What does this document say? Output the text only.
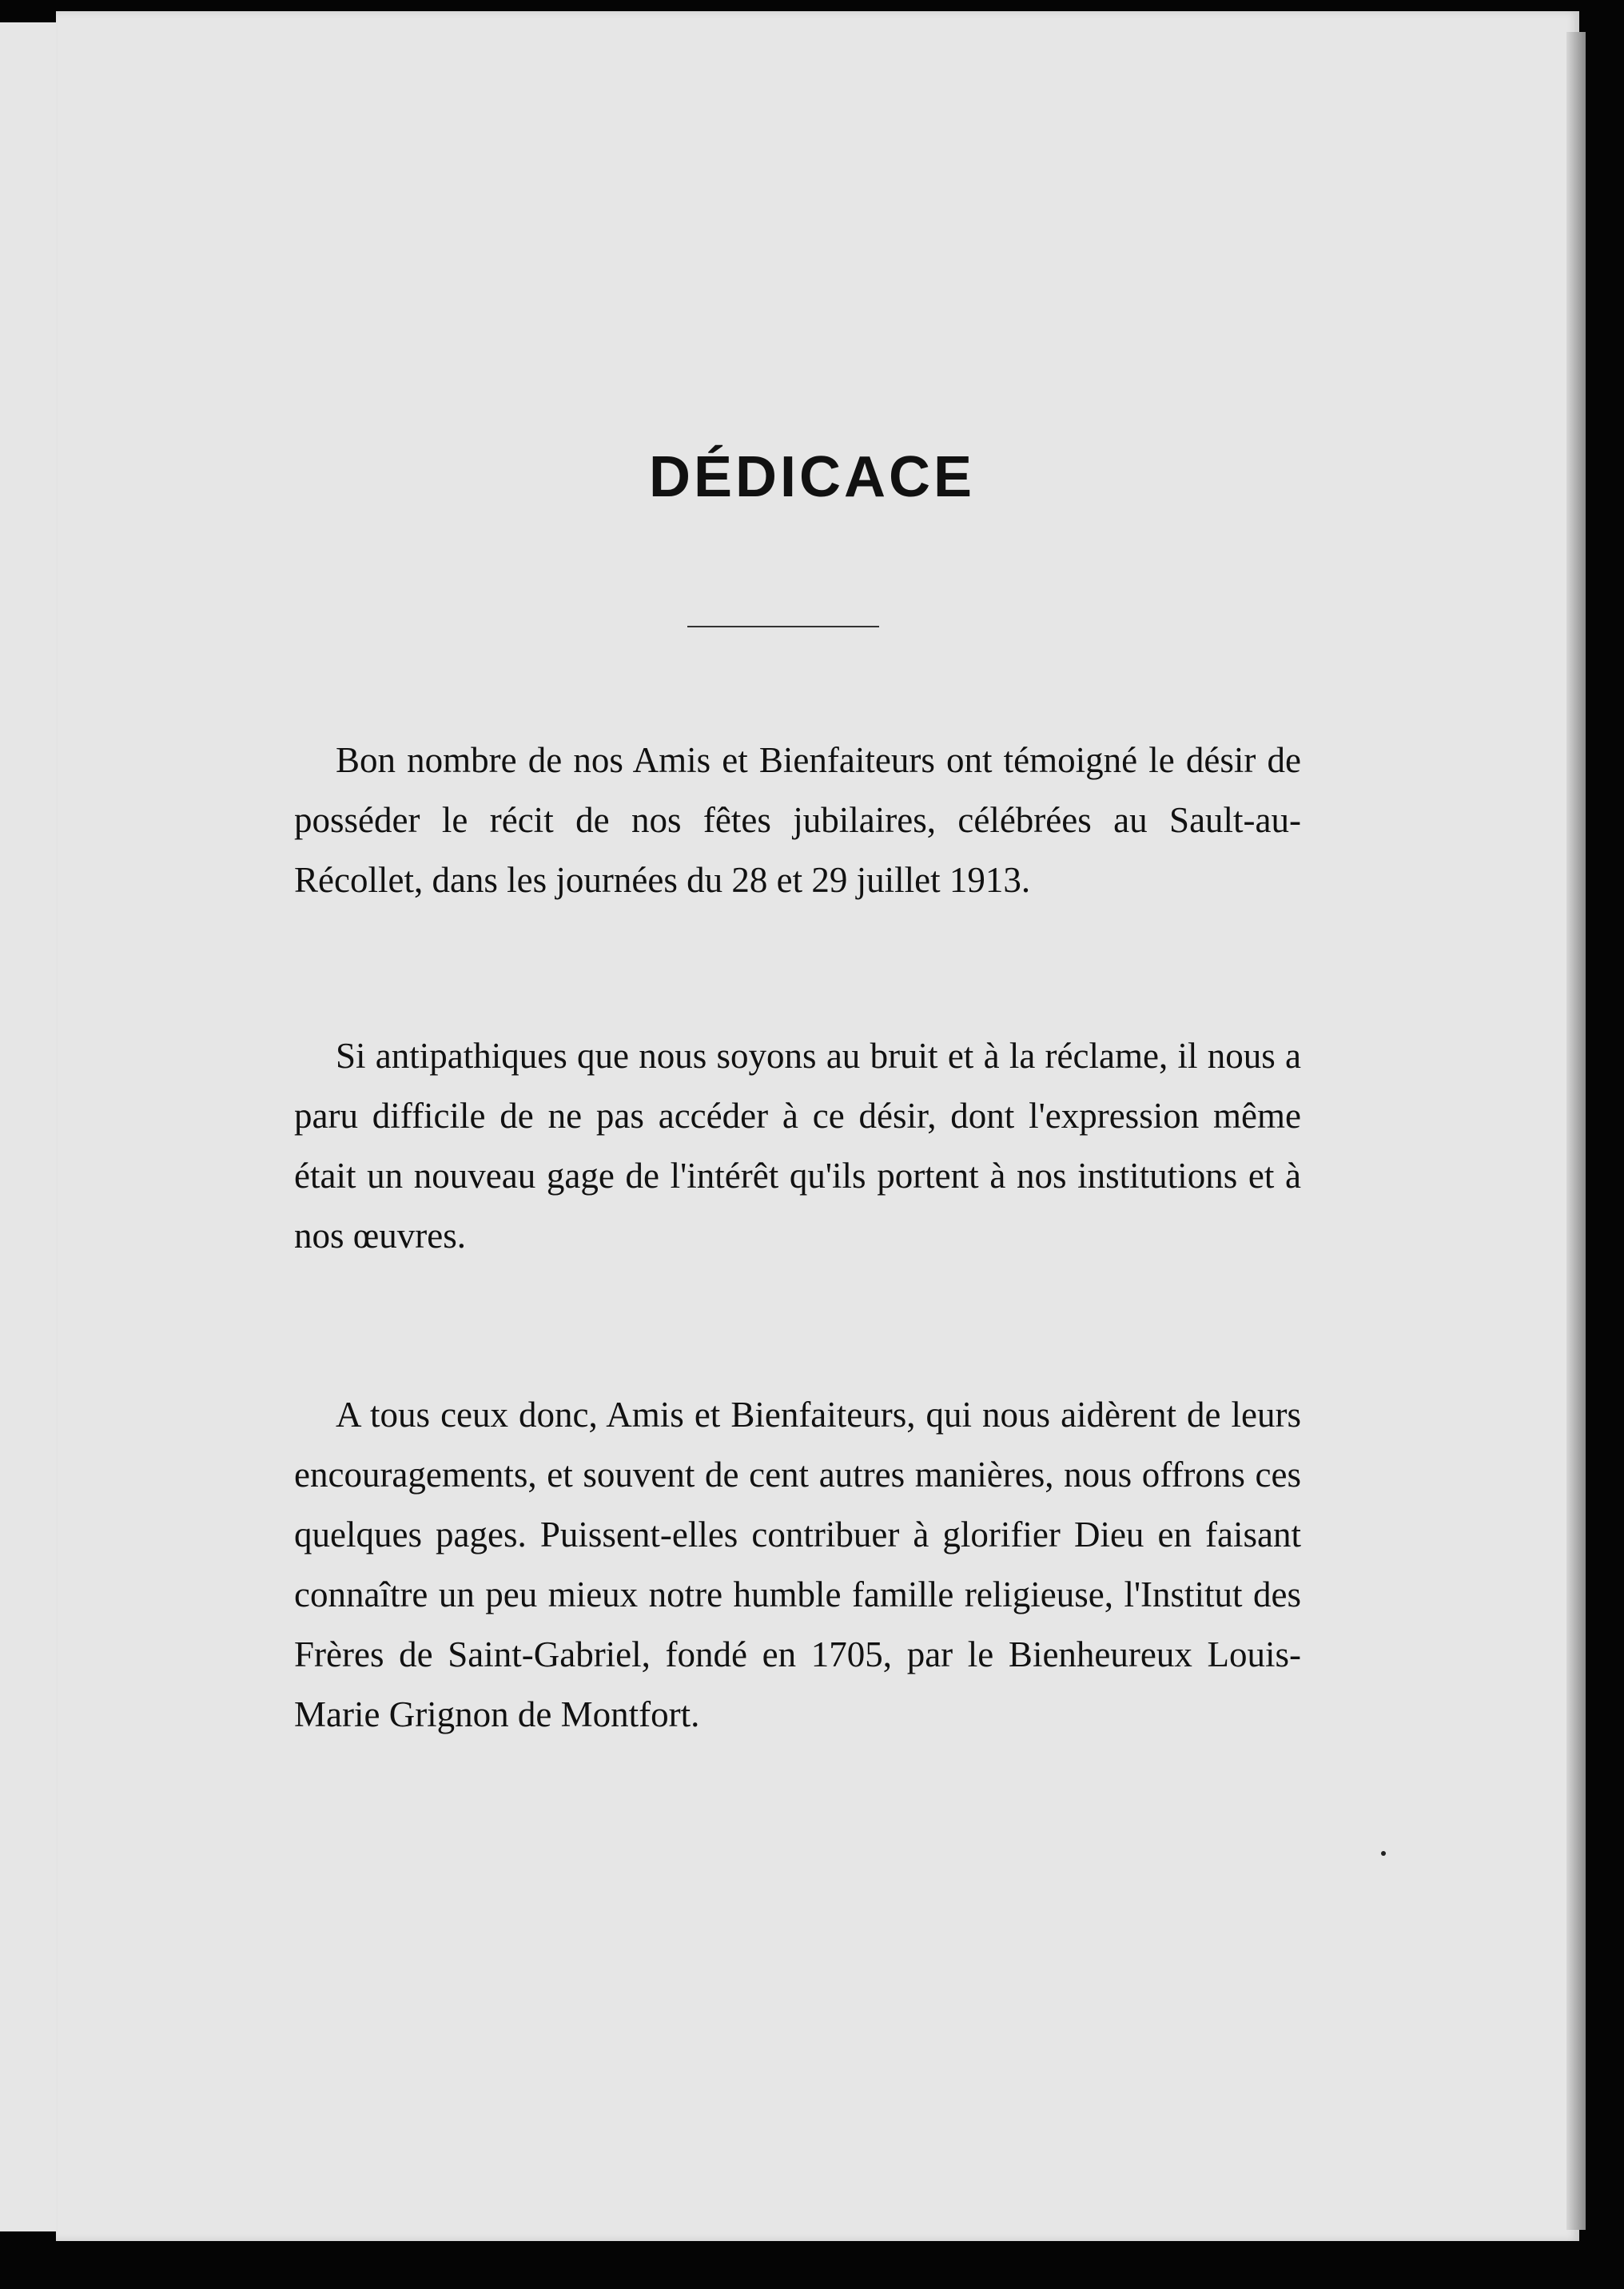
DÉDICACE

Bon nombre de nos Amis et Bienfaiteurs ont témoigné le désir de posséder le récit de nos fêtes jubilaires, célébrées au Sault-au-Récollet, dans les journées du 28 et 29 juillet 1913.

Si antipathiques que nous soyons au bruit et à la réclame, il nous a paru difficile de ne pas accéder à ce désir, dont l'expression même était un nouveau gage de l'intérêt qu'ils portent à nos institutions et à nos œuvres.

A tous ceux donc, Amis et Bienfaiteurs, qui nous aidèrent de leurs encouragements, et souvent de cent autres manières, nous offrons ces quelques pages. Puissent-elles contribuer à glorifier Dieu en faisant connaître un peu mieux notre humble famille religieuse, l'Institut des Frères de Saint-Gabriel, fondé en 1705, par le Bienheureux Louis-Marie Grignon de Montfort.
